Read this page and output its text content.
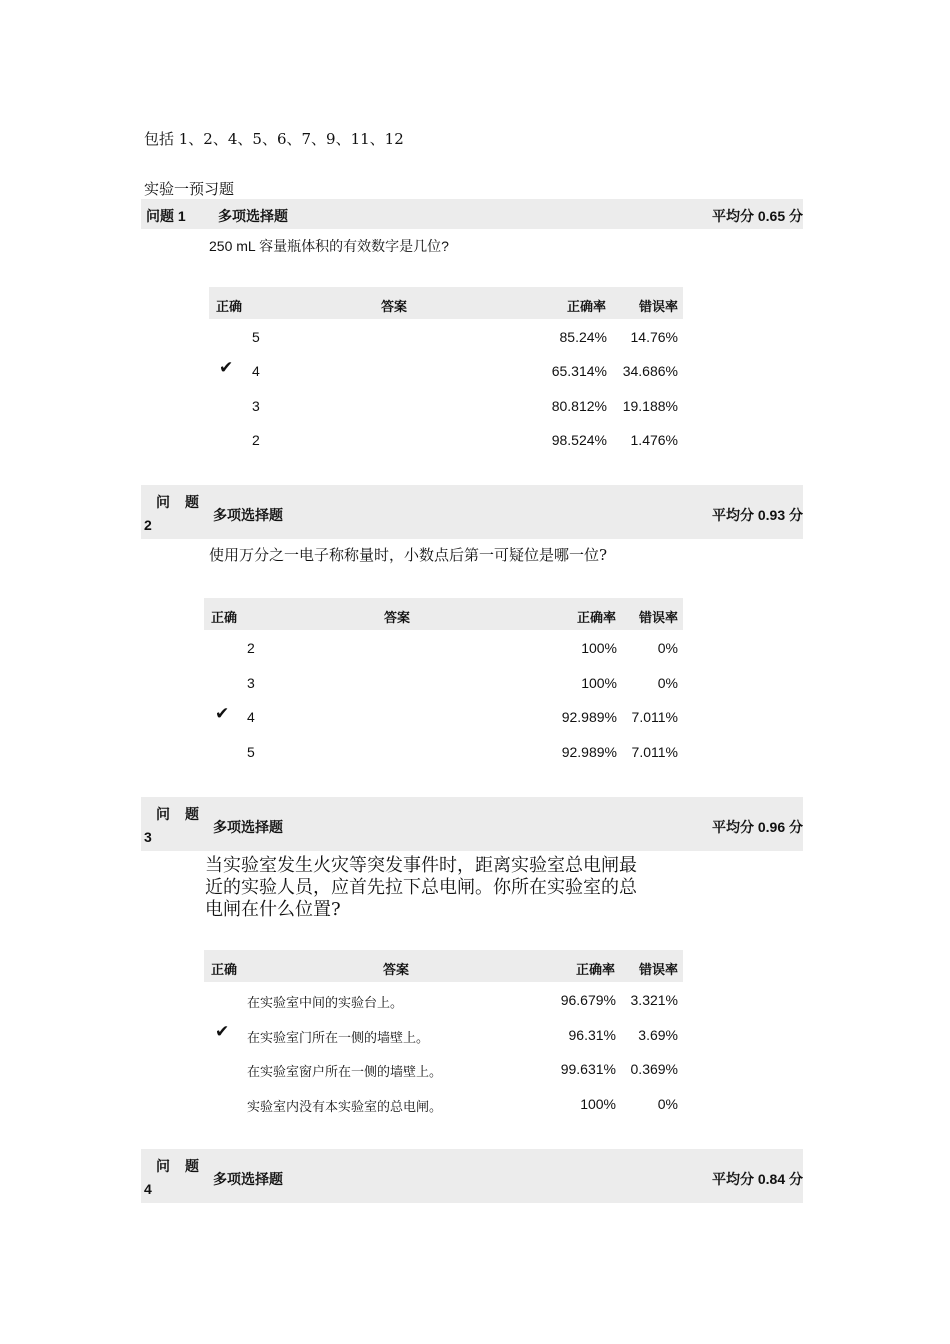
包括 1、2、4、5、6、7、9、11、12
实验一预习题
问题 1 多项选择题	平均分 0.65 分
250 mL 容量瓶体积的有效数字是几位?
正确	答案	正确率	错误率
5	85.24% 14.76%
✔ 4	65.314% 34.686%
3	80.812% 19.188%
2	98.524% 1.476%
问 题
2
多项选择题	平均分 0.93 分
使用万分之一电子称称量时，小数点后第一可疑位是哪一位?
正确	答案	正确率 错误率
2	100%	0%
3	100%	0%
✔ 4	92.989% 7.011%
5	92.989% 7.011%
问 题
3
多项选择题	平均分 0.96 分
当实验室发生火灾等突发事件时，距离实验室总电闸最
近的实验人员，应首先拉下总电闸。你所在实验室的总
电闸在什么位置?
正确	答案	正确率 错误率
在实验室中间的实验台上。	96.679% 3.321%
✔ 在实验室门所在一侧的墙壁上。	96.31% 3.69%
在实验室窗户所在一侧的墙壁上。	99.631% 0.369%
实验室内没有本实验室的总电闸。	100%	0%
问 题
4
多项选择题	平均分 0.84 分
